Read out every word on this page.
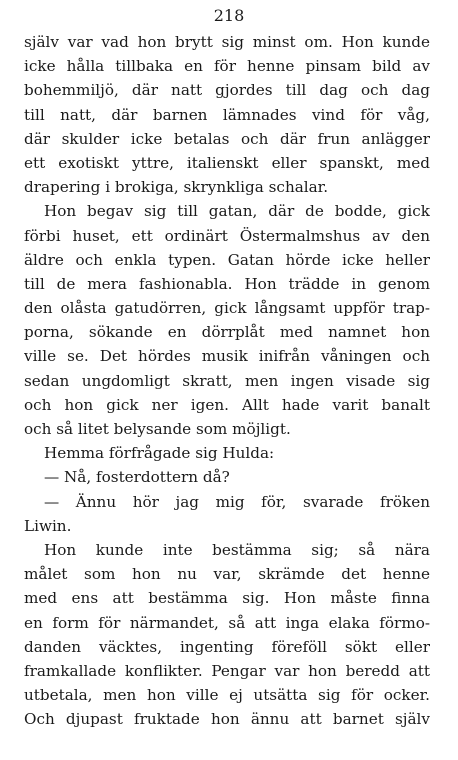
218
själv var vad hon brytt sig minst om. Hon kunde
icke hålla tillbaka en för henne pinsam bild av
bohemmiljö, där natt gjordes till dag och dag
till natt, där barnen lämnades vind för våg,
där skulder icke betalas och där frun anlägger
ett exotiskt yttre, italienskt eller spanskt, med
drapering i brokiga, skrynkliga schalar.
Hon begav sig till gatan, där de bodde, gick
förbi huset, ett ordinärt Östermalmshus av den
äldre och enkla typen. Gatan hörde icke heller
till de mera fashionabla. Hon trädde in genom
den olåsta gatudörren, gick långsamt uppför trap-
porna, sökande en dörrplåt med namnet hon
ville se. Det hördes musik inifrån våningen och
sedan ungdomligt skratt, men ingen visade sig
och hon gick ner igen. Allt hade varit banalt
och så litet belysande som möjligt.
Hemma förfrågade sig Hulda:
— Nå, fosterdottern då?
— Ännu hör jag mig för, svarade fröken
Liwin.
Hon kunde inte bestämma sig; så nära
målet som hon nu var, skrämde det henne
med ens att bestämma sig. Hon måste finna
en form för närmandet, så att inga elaka förmo-
danden väcktes, ingenting föreföll sökt eller
framkallade konflikter. Pengar var hon beredd att
utbetala, men hon ville ej utsätta sig för ocker.
Och djupast fruktade hon ännu att barnet själv
